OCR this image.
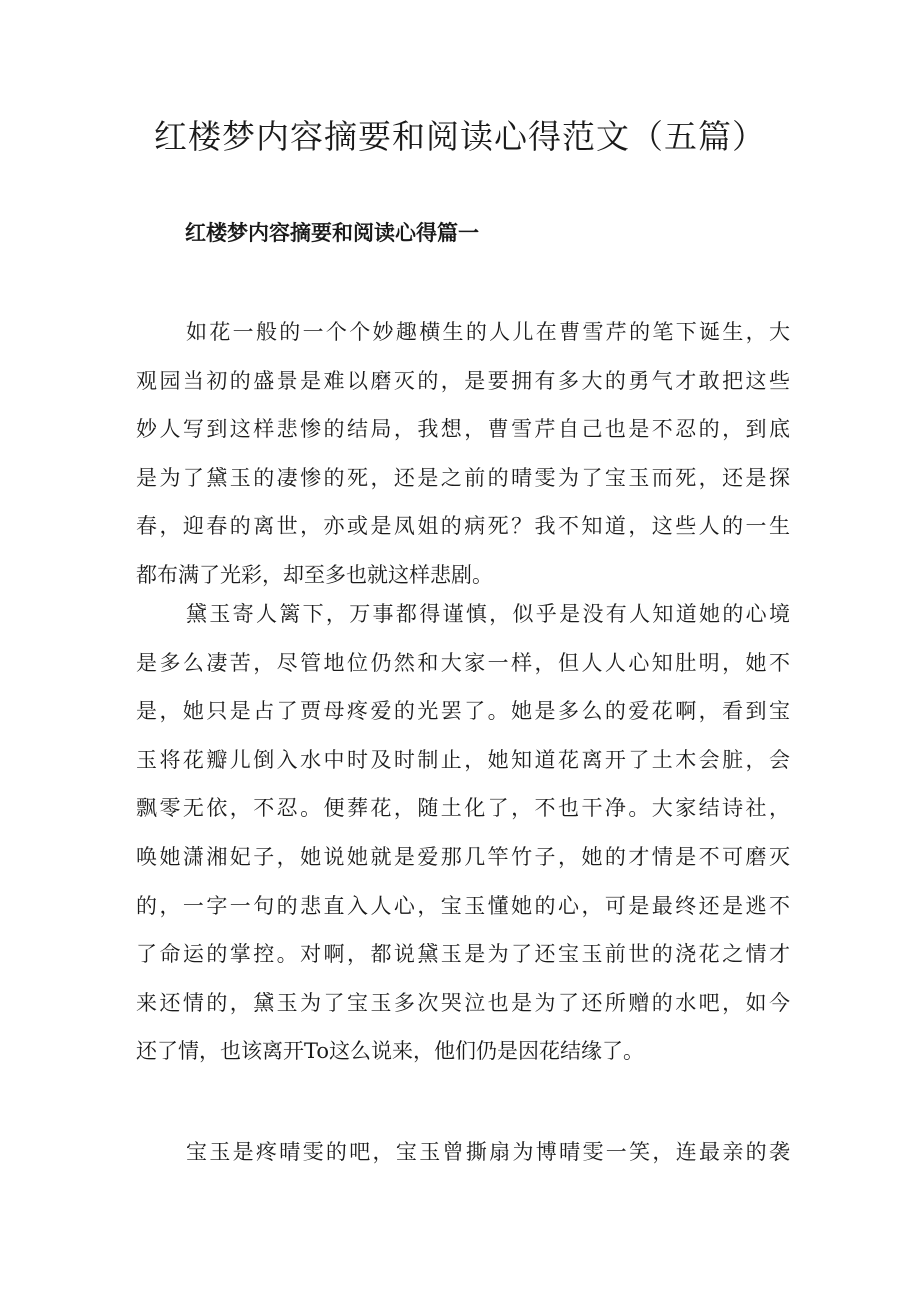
红楼梦内容摘要和阅读心得范文（五篇）
红楼梦内容摘要和阅读心得篇一

如花一般的一个个妙趣横生的人儿在曹雪芹的笔下诞生，大
观园当初的盛景是难以磨灭的，是要拥有多大的勇气才敢把这些
妙人写到这样悲惨的结局，我想，曹雪芹自己也是不忍的，到底
是为了黛玉的凄惨的死，还是之前的晴雯为了宝玉而死，还是探
春，迎春的离世，亦或是凤姐的病死？我不知道，这些人的一生
都布满了光彩，却至多也就这样悲剧。

黛玉寄人篱下，万事都得谨慎，似乎是没有人知道她的心境
是多么凄苦，尽管地位仍然和大家一样，但人人心知肚明，她不
是，她只是占了贾母疼爱的光罢了。她是多么的爱花啊，看到宝
玉将花瓣儿倒入水中时及时制止，她知道花离开了土木会脏，会
飘零无依，不忍。便葬花，随土化了，不也干净。大家结诗社，
唤她潇湘妃子，她说她就是爱那几竿竹子，她的才情是不可磨灭
的，一字一句的悲直入人心，宝玉懂她的心，可是最终还是逃不
了命运的掌控。对啊，都说黛玉是为了还宝玉前世的浇花之情才
来还情的，黛玉为了宝玉多次哭泣也是为了还所赠的水吧，如今
还了情，也该离开To这么说来，他们仍是因花结缘了。

宝玉是疼晴雯的吧，宝玉曾撕扇为博晴雯一笑，连最亲的袭
